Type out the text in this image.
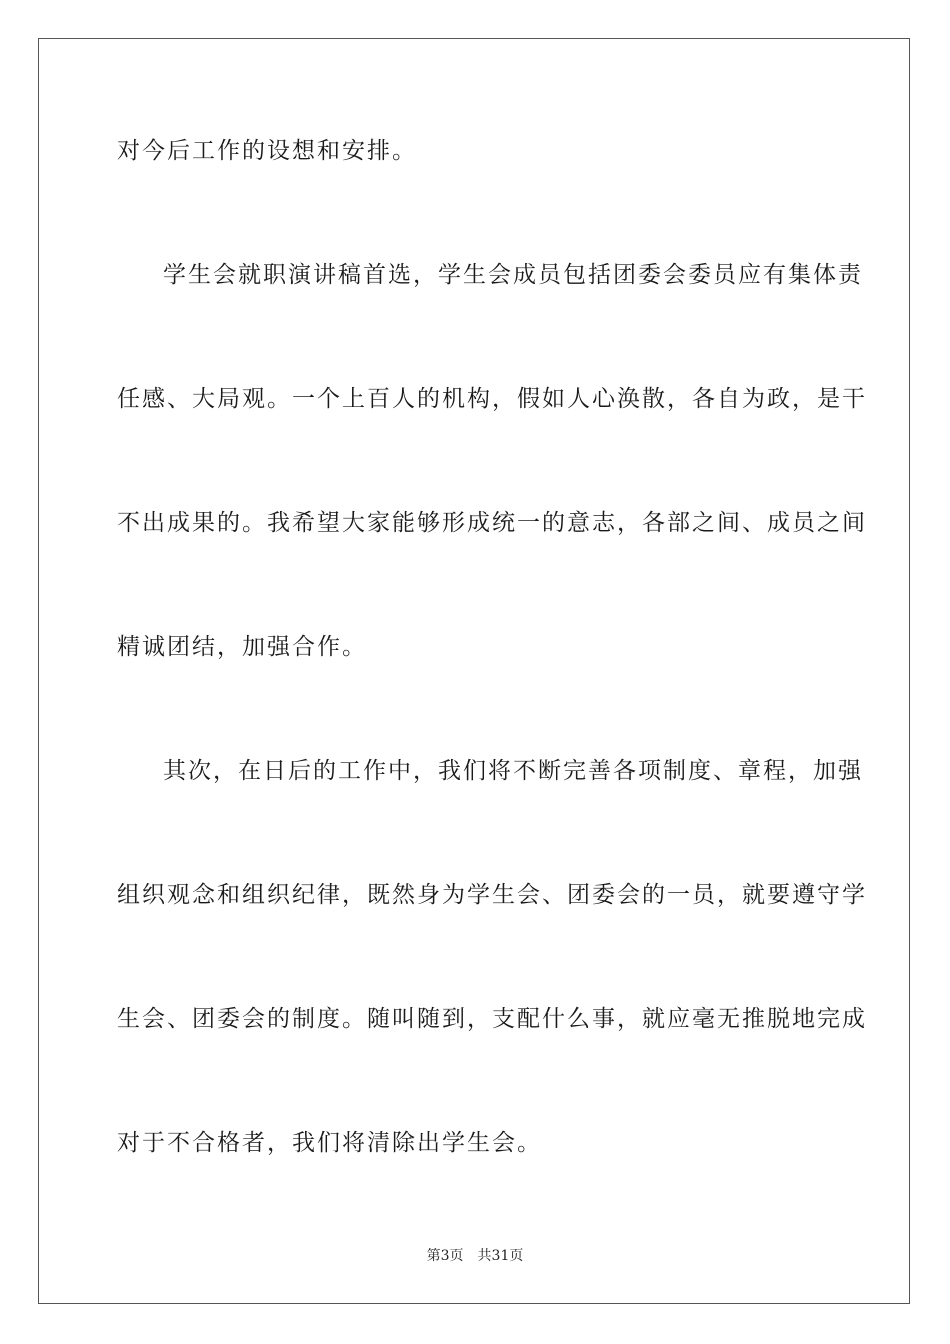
对今后工作的设想和安排。
学生会就职演讲稿首选，学生会成员包括团委会委员应有集体责
任感、大局观。一个上百人的机构，假如人心涣散，各自为政，是干
不出成果的。我希望大家能够形成统一的意志，各部之间、成员之间
精诚团结，加强合作。
其次，在日后的工作中，我们将不断完善各项制度、章程，加强
组织观念和组织纪律，既然身为学生会、团委会的一员，就要遵守学
生会、团委会的制度。随叫随到，支配什么事，就应毫无推脱地完成
对于不合格者，我们将清除出学生会。
第3页 共31页
